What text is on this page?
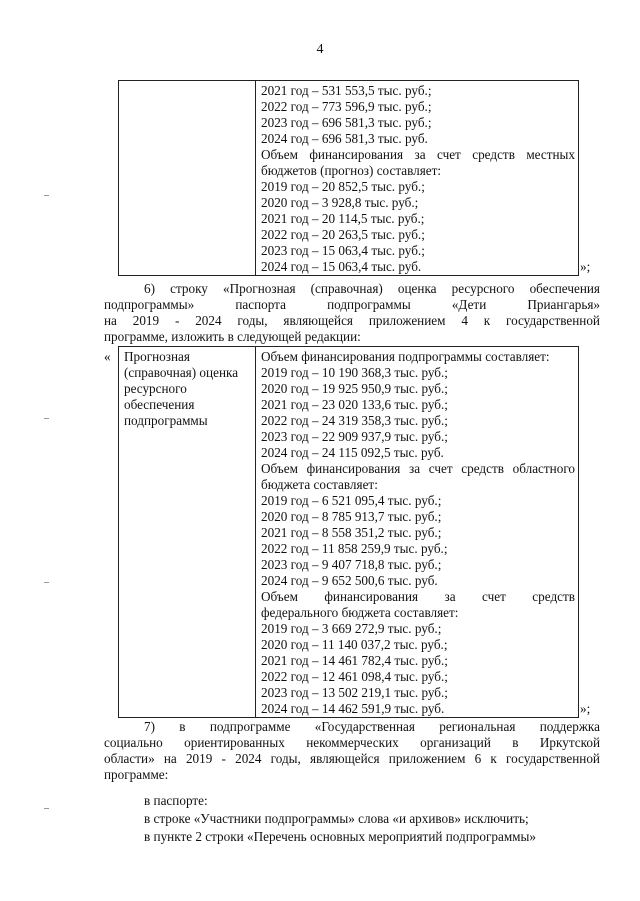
4
2021 год – 531 553,5 тыс. руб.;
2022 год – 773 596,9 тыс. руб.;
2023 год – 696 581,3 тыс. руб.;
2024 год – 696 581,3 тыс. руб.
Объем финансирования за счет средств местных
бюджетов (прогноз) составляет:
2019 год – 20 852,5 тыс. руб.;
2020 год – 3 928,8 тыс. руб.;
2021 год – 20 114,5 тыс. руб.;
2022 год – 20 263,5 тыс. руб.;
2023 год – 15 063,4 тыс. руб.;
2024 год – 15 063,4 тыс. руб.	»;
6) строку «Прогнозная (справочная) оценка ресурсного обеспечения
подпрограммы» паспорта подпрограммы «Дети Приангарья»
на 2019 - 2024 годы, являющейся приложением 4 к государственной
программе, изложить в следующей редакции:
« Прогнозная
(справочная) оценка
ресурсного
обеспечения
подпрограммы
Объем финансирования подпрограммы составляет:
2019 год – 10 190 368,3 тыс. руб.;
2020 год – 19 925 950,9 тыс. руб.;
2021 год – 23 020 133,6 тыс. руб.;
2022 год – 24 319 358,3 тыс. руб.;
2023 год – 22 909 937,9 тыс. руб.;
2024 год – 24 115 092,5 тыс. руб.
Объем финансирования за счет средств областного
бюджета составляет:
2019 год – 6 521 095,4 тыс. руб.;
2020 год – 8 785 913,7 тыс. руб.;
2021 год – 8 558 351,2 тыс. руб.;
2022 год – 11 858 259,9 тыс. руб.;
2023 год – 9 407 718,8 тыс. руб.;
2024 год – 9 652 500,6 тыс. руб.
Объем финансирования за счет средств
федерального бюджета составляет:
2019 год – 3 669 272,9 тыс. руб.;
2020 год – 11 140 037,2 тыс. руб.;
2021 год – 14 461 782,4 тыс. руб.;
2022 год – 12 461 098,4 тыс. руб.;
2023 год – 13 502 219,1 тыс. руб.;
2024 год – 14 462 591,9 тыс. руб.	»;
7) в подпрограмме «Государственная региональная поддержка
социально ориентированных некоммерческих организаций в Иркутской
области» на 2019 - 2024 годы, являющейся приложением 6 к государственной
программе:
в паспорте:
в строке «Участники подпрограммы» слова «и архивов» исключить;
в пункте 2 строки «Перечень основных мероприятий подпрограммы»
